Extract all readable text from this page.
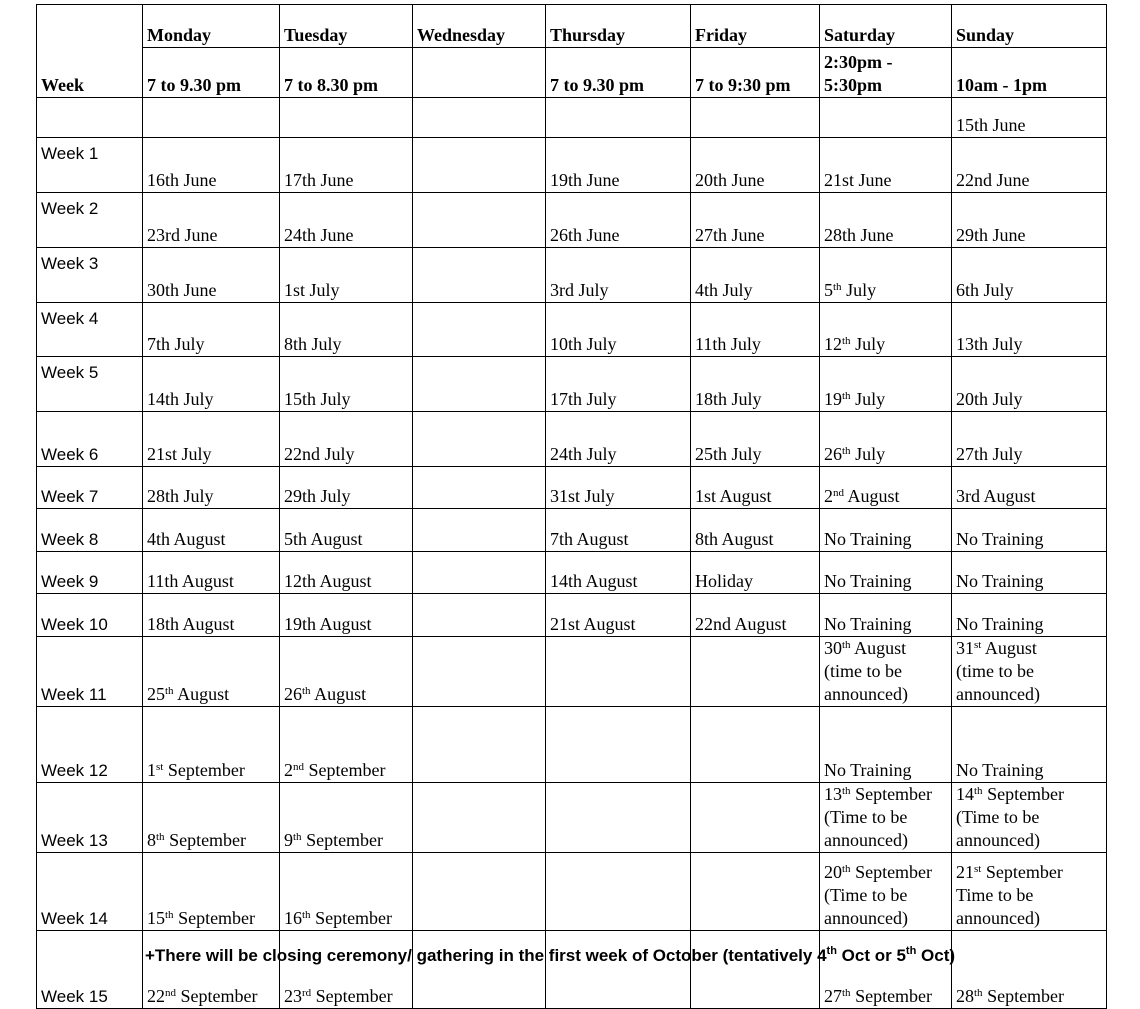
Week	Monday	Tuesday	Wednesday	Thursday	Friday	Saturday	Sunday
	7 to 9.30 pm	7 to 8.30 pm		7 to 9.30 pm	7 to 9:30 pm	2:30pm -
5:30pm	10am - 1pm
							15th June
Week 1	16th June	17th June		19th June	20th June	21st June	22nd June
Week 2	23rd June	24th June		26th June	27th June	28th June	29th June
Week 3	30th June	1st July		3rd July	4th July	5th July	6th July
Week 4	7th July	8th July		10th July	11th July	12th July	13th July
Week 5	14th July	15th July		17th July	18th July	19th July	20th July
Week 6	21st July	22nd July		24th July	25th July	26th July	27th July
Week 7	28th July	29th July		31st July	1st August	2nd August	3rd August
Week 8	4th August	5th August		7th August	8th August	No Training	No Training
Week 9	11th August	12th August		14th August	Holiday	No Training	No Training
Week 10	18th August	19th August		21st August	22nd August	No Training	No Training
Week 11	25th August	26th August				30th August
(time to be
announced)	31st August
(time to be
announced)
Week 12	1st September	2nd September				No Training	No Training
Week 13	8th September	9th September				13th September
(Time to be
announced)	14th September
(Time to be
announced)
Week 14	15th September	16th September				20th September
(Time to be
announced)	21st September
Time to be
announced)
Week 15	22nd September	23rd September				27th September	28th September
+There will be closing ceremony/ gathering in the first week of October (tentatively 4th Oct or 5th Oct)
